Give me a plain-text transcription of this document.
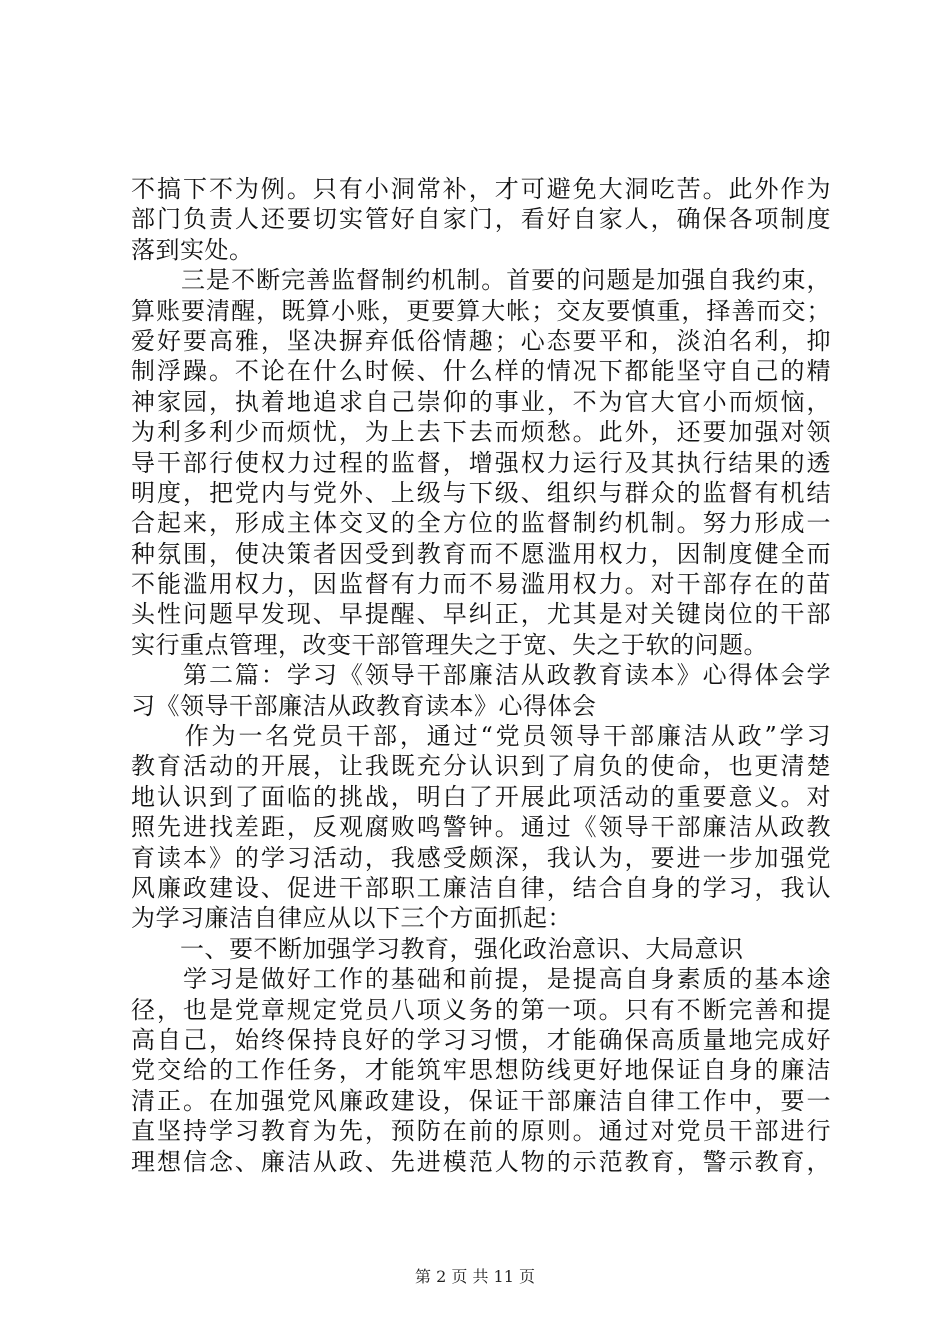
不搞下不为例。只有小洞常补，才可避免大洞吃苦。此外作为
部门负责人还要切实管好自家门，看好自家人，确保各项制度
落到实处。
　　三是不断完善监督制约机制。首要的问题是加强自我约束，
算账要清醒，既算小账，更要算大帐；交友要慎重，择善而交；
爱好要高雅，坚决摒弃低俗情趣；心态要平和，淡泊名利，抑
制浮躁。不论在什么时候、什么样的情况下都能坚守自己的精
神家园，执着地追求自己崇仰的事业，不为官大官小而烦恼，
为利多利少而烦忧，为上去下去而烦愁。此外，还要加强对领
导干部行使权力过程的监督，增强权力运行及其执行结果的透
明度，把党内与党外、上级与下级、组织与群众的监督有机结
合起来，形成主体交叉的全方位的监督制约机制。努力形成一
种氛围，使决策者因受到教育而不愿滥用权力，因制度健全而
不能滥用权力，因监督有力而不易滥用权力。对干部存在的苗
头性问题早发现、早提醒、早纠正，尤其是对关键岗位的干部
实行重点管理，改变干部管理失之于宽、失之于软的问题。
　　第二篇：学习《领导干部廉洁从政教育读本》心得体会学
习《领导干部廉洁从政教育读本》心得体会
　　作为一名党员干部，通过“党员领导干部廉洁从政”学习
教育活动的开展，让我既充分认识到了肩负的使命，也更清楚
地认识到了面临的挑战，明白了开展此项活动的重要意义。对
照先进找差距，反观腐败鸣警钟。通过《领导干部廉洁从政教
育读本》的学习活动，我感受颇深，我认为，要进一步加强党
风廉政建设、促进干部职工廉洁自律，结合自身的学习，我认
为学习廉洁自律应从以下三个方面抓起：
　　一、要不断加强学习教育，强化政治意识、大局意识
　　学习是做好工作的基础和前提，是提高自身素质的基本途
径，也是党章规定党员八项义务的第一项。只有不断完善和提
高自己，始终保持良好的学习习惯，才能确保高质量地完成好
党交给的工作任务，才能筑牢思想防线更好地保证自身的廉洁
清正。在加强党风廉政建设，保证干部廉洁自律工作中，要一
直坚持学习教育为先，预防在前的原则。通过对党员干部进行
理想信念、廉洁从政、先进模范人物的示范教育，警示教育，
第 2 页 共 11 页
